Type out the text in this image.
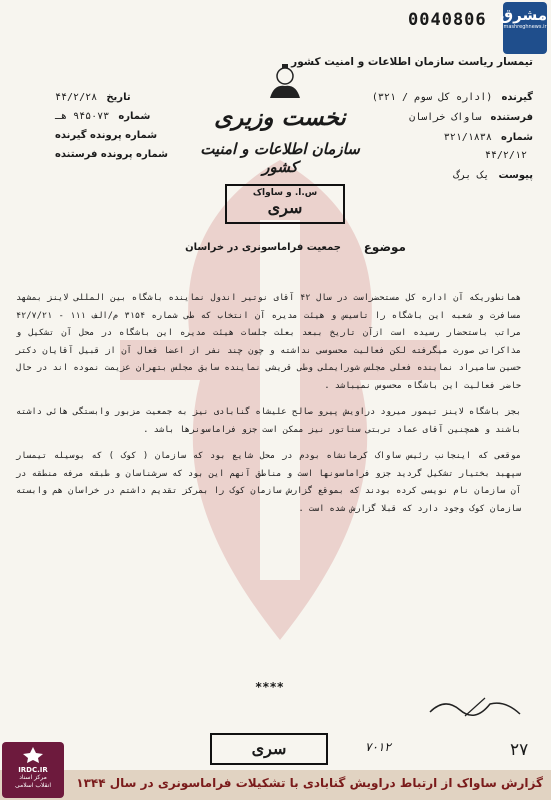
مشرق
mashreghnews.ir
0040806
تیمسار ریاست سازمان اطلاعات و امنیت کشور
تاریخ ۴۴/۲/۲۸
شماره ۹۴۵۰۷۳ هـ
شماره پرونده گیرنده
شماره پرونده فرستنده
گیرنده (اداره کل سوم / ۳۲۱)
فرستنده ساواک خراسان
شماره ۳۲۱/۱۸۳۸
۴۴/۲/۱۲
پیوست یک برگ
نخست وزیری
سازمان اطلاعات و امنیت کشور
س.ا. و ساواک
سری
موضوع
جمعیت فراماسونری در خراسان

همانطوریکه آن اداره کل مستحضراست در سال ۴۲ آقای نوتیر اندول نماینده باشگاه بین المللی لاینز بمشهد مسافرت و شعبه این باشگاه را تاسیس و هیئت مدیره آن انتخاب که طی شماره ۳۱۵۴ م/الف ۱۱۱ - ۴۲/۷/۲۱ مراتب باستحضار رسیده است ازآن تاریخ ببعد بعلت جلسات هیئت مدیره این باشگاه در محل آن تشکیل و مذاکراتی صورت میگرفته لکن فعالیت محسوسی نداشته و چون چند نفر از اعضا فعال آن از قبیل آقایان دکتر حسین سامیراد نماینده فعلی مجلس شورایملی وطی قریشی نماینده سابق مجلس بتهران عزیمت نموده اند در حال حاضر فعالیت این باشگاه محسوس نمیباشد .

بجز باشگاه لاینز تیمور میرود دراویش پیرو صالح علیشاه گنابادی نیز به جمعیت مزبور وابستگی هائی داشته باشند و همچنین آقای عماد تربتی سناتور نیز ممکن است جزو فراماسونرها باشد .

موقعی که اینجانب رئیس ساواک کرمانشاه بودم در محل شایع بود که سازمان ( کوک ) که بوسیله تیمسار سپهبد بختیار تشکیل گردید جزو فراماسونها است و مناطق آنهم این بود که سرشناسان و طبقه مرفه منطقه در آن سازمان نام نویسی کرده بودند که بموقع گزارش سازمان کوک را بمرکز تقدیم داشتم در خراسان هم وابسته سازمان کوک وجود دارد که قبلا گزارش شده است .

****
۲۷
۷۰۱۲
سری
گزارش ساواک از ارتباط دراویش گنابادی با تشکیلات فراماسونری در سال ۱۳۴۴
IRDC.IR
مرکز اسناد
انقلاب اسلامی
